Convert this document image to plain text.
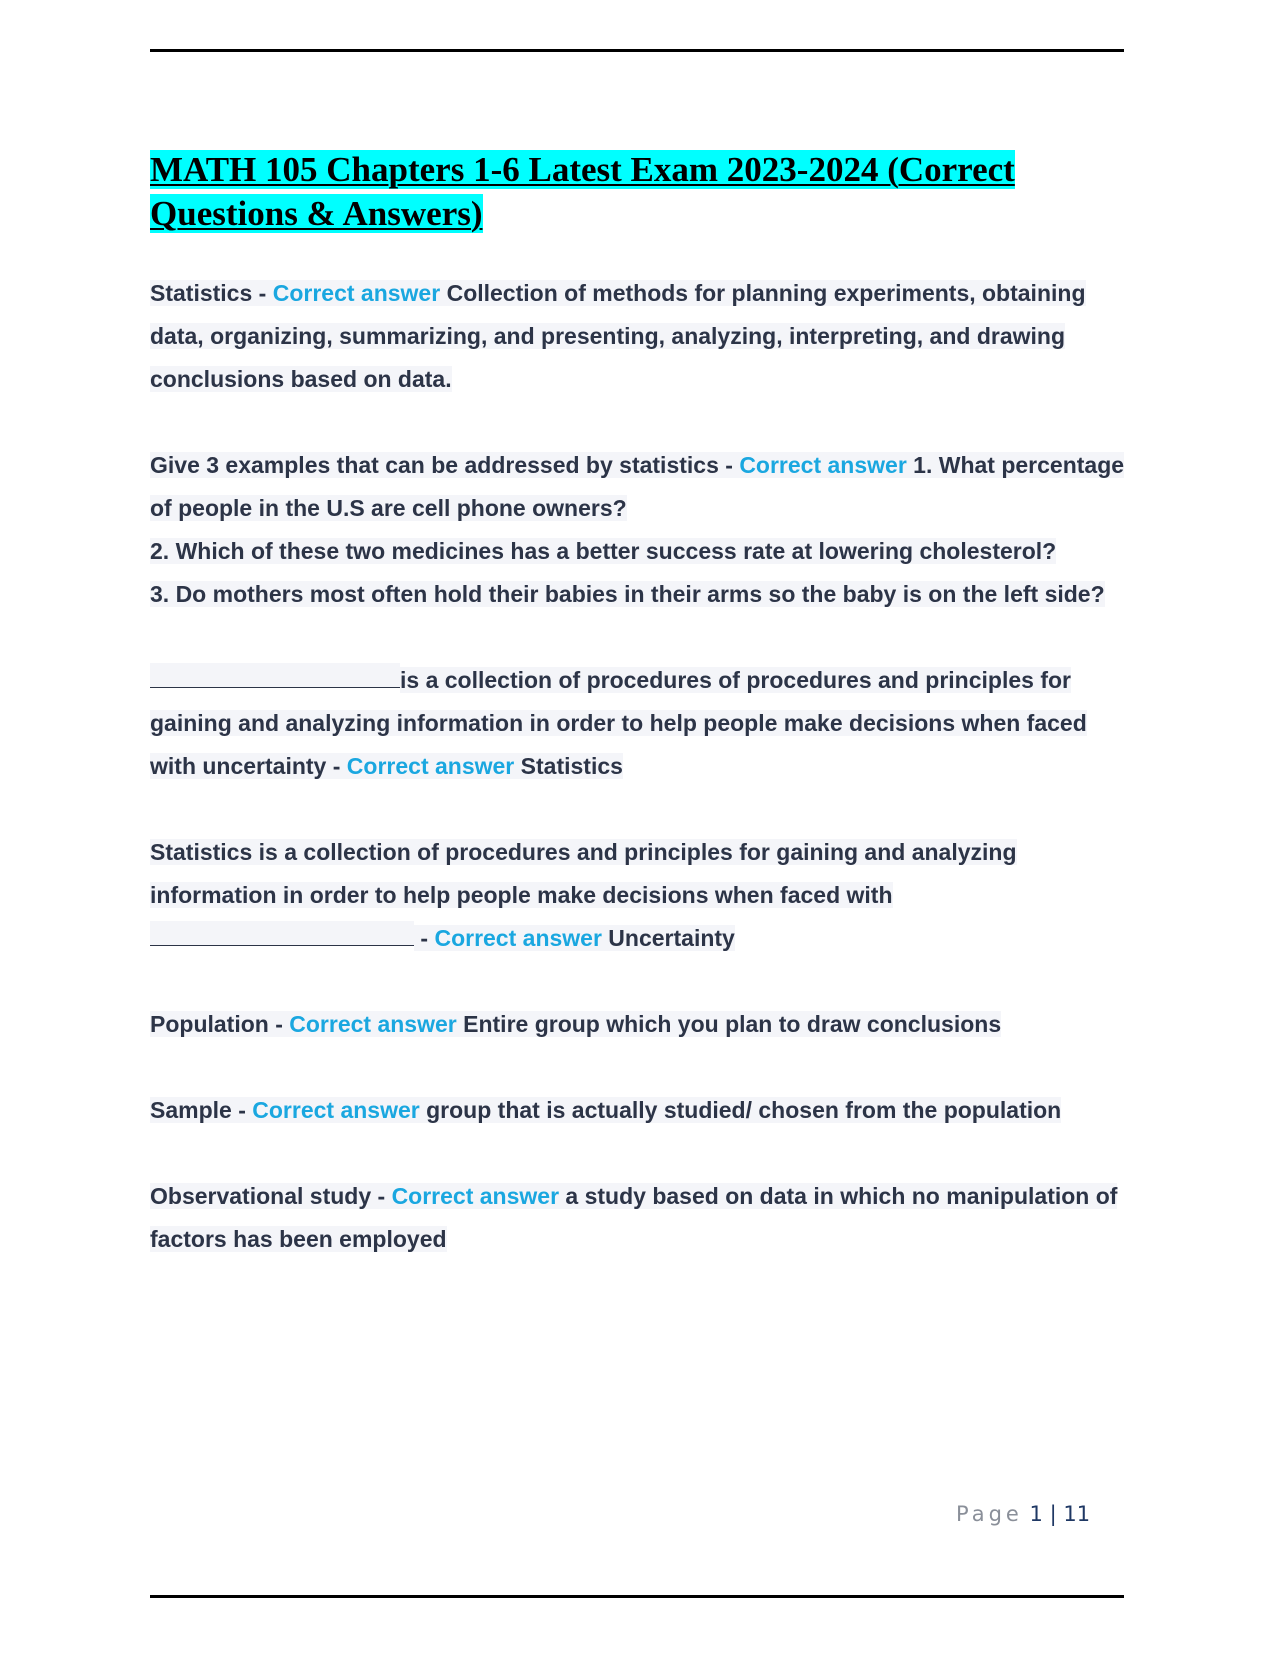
MATH 105 Chapters 1-6 Latest Exam 2023-2024 (Correct Questions & Answers)

Statistics - Correct answer Collection of methods for planning experiments, obtaining data, organizing, summarizing, and presenting, analyzing, interpreting, and drawing conclusions based on data.

Give 3 examples that can be addressed by statistics - Correct answer 1. What percentage of people in the U.S are cell phone owners?
2. Which of these two medicines has a better success rate at lowering cholesterol?
3. Do mothers most often hold their babies in their arms so the baby is on the left side?

is a collection of procedures of procedures and principles for gaining and analyzing information in order to help people make decisions when faced with uncertainty - Correct answer Statistics

Statistics is a collection of procedures and principles for gaining and analyzing information in order to help people make decisions when faced with  - Correct answer Uncertainty

Population - Correct answer Entire group which you plan to draw conclusions

Sample - Correct answer group that is actually studied/ chosen from the population

Observational study - Correct answer a study based on data in which no manipulation of factors has been employed

Page 1 | 11
